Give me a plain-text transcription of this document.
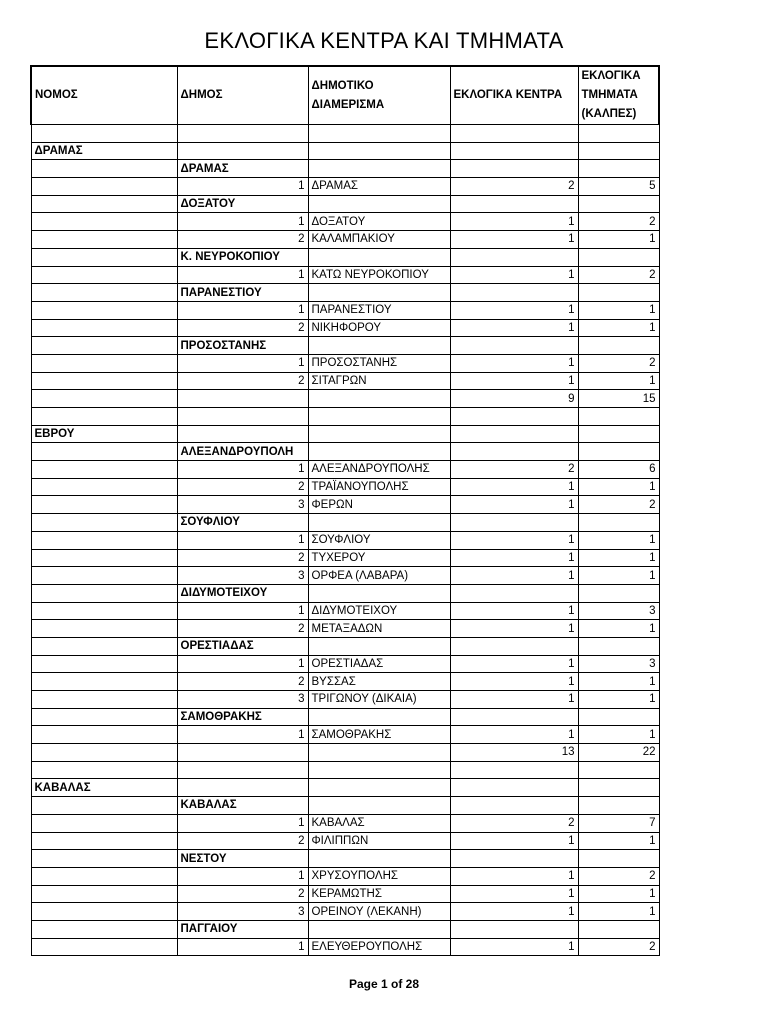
ΕΚΛΟΓΙΚΑ ΚΕΝΤΡΑ ΚΑΙ ΤΜΗΜΑΤΑ
ΝΟΜΟΣ	ΔΗΜΟΣ	ΔΗΜΟΤΙΚΟ ΔΙΑΜΕΡΙΣΜΑ	ΕΚΛΟΓΙΚΑ ΚΕΝΤΡΑ	ΕΚΛΟΓΙΚΑ ΤΜΗΜΑΤΑ (ΚΑΛΠΕΣ)

ΔΡΑΜΑΣ				
	ΔΡΑΜΑΣ			
	1	ΔΡΑΜΑΣ	2	5
	ΔΟΞΑΤΟΥ			
	1	ΔΟΞΑΤΟΥ	1	2
	2	ΚΑΛΑΜΠΑΚΙΟΥ	1	1
	Κ. ΝΕΥΡΟΚΟΠΙΟΥ			
	1	ΚΑΤΩ ΝΕΥΡΟΚΟΠΙΟΥ	1	2
	ΠΑΡΑΝΕΣΤΙΟΥ			
	1	ΠΑΡΑΝΕΣΤΙΟΥ	1	1
	2	ΝΙΚΗΦΟΡΟΥ	1	1
	ΠΡΟΣΟΣΤΑΝΗΣ			
	1	ΠΡΟΣΟΣΤΑΝΗΣ	1	2
	2	ΣΙΤΑΓΡΩΝ	1	1
			9	15

ΕΒΡΟΥ				
	ΑΛΕΞΑΝΔΡΟΥΠΟΛΗ			
	1	ΑΛΕΞΑΝΔΡΟΥΠΟΛΗΣ	2	6
	2	ΤΡΑΪΑΝΟΥΠΟΛΗΣ	1	1
	3	ΦΕΡΩΝ	1	2
	ΣΟΥΦΛΙΟΥ			
	1	ΣΟΥΦΛΙΟΥ	1	1
	2	ΤΥΧΕΡΟΥ	1	1
	3	ΟΡΦΕΑ (ΛΑΒΑΡΑ)	1	1
	ΔΙΔΥΜΟΤΕΙΧΟΥ			
	1	ΔΙΔΥΜΟΤΕΙΧΟΥ	1	3
	2	ΜΕΤΑΞΑΔΩΝ	1	1
	ΟΡΕΣΤΙΑΔΑΣ			
	1	ΟΡΕΣΤΙΑΔΑΣ	1	3
	2	ΒΥΣΣΑΣ	1	1
	3	ΤΡΙΓΩΝΟΥ (ΔΙΚΑΙΑ)	1	1
	ΣΑΜΟΘΡΑΚΗΣ			
	1	ΣΑΜΟΘΡΑΚΗΣ	1	1
			13	22

ΚΑΒΑΛΑΣ				
	ΚΑΒΑΛΑΣ			
	1	ΚΑΒΑΛΑΣ	2	7
	2	ΦΙΛΙΠΠΩΝ	1	1
	ΝΕΣΤΟΥ			
	1	ΧΡΥΣΟΥΠΟΛΗΣ	1	2
	2	ΚΕΡΑΜΩΤΗΣ	1	1
	3	ΟΡΕΙΝΟΥ (ΛΕΚΑΝΗ)	1	1
	ΠΑΓΓΑΙΟΥ			
	1	ΕΛΕΥΘΕΡΟΥΠΟΛΗΣ	1	2
Page 1 of 28
